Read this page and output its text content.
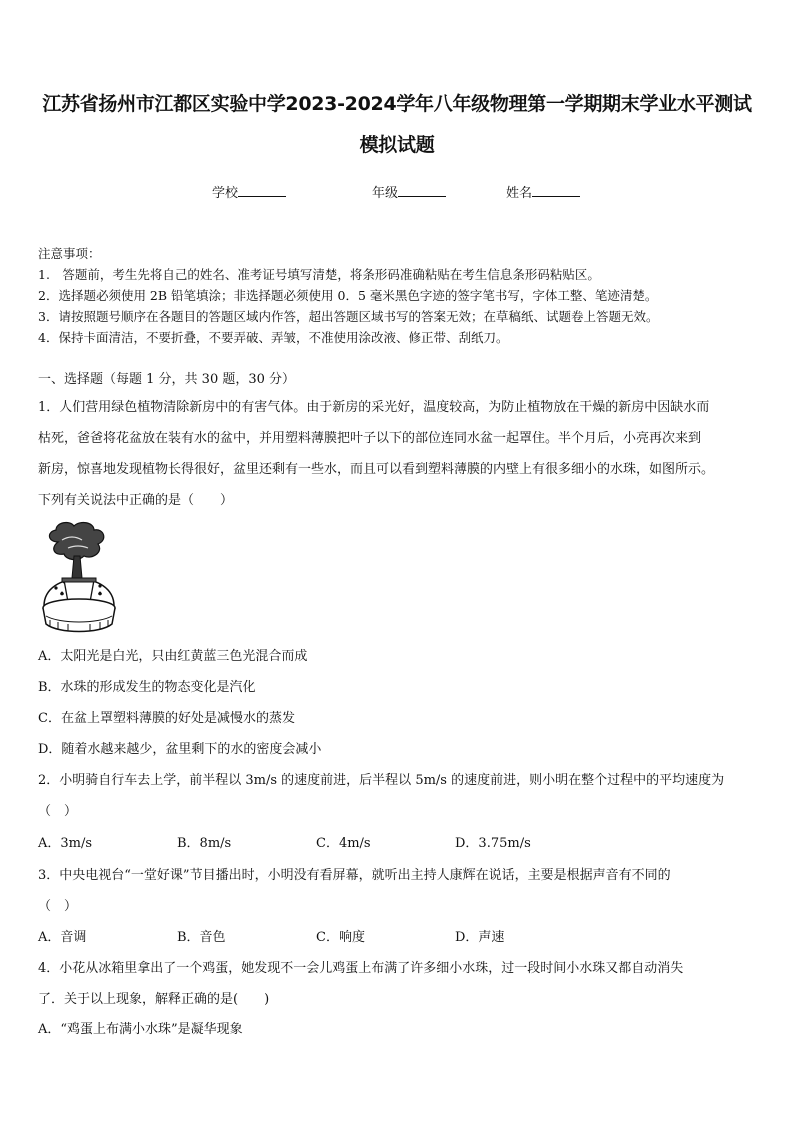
江苏省扬州市江都区实验中学2023-2024学年八年级物理第一学期期末学业水平测试
模拟试题
学校	年级	姓名
注意事项：
1.　答题前，考生先将自己的姓名、准考证号填写清楚，将条形码准确粘贴在考生信息条形码粘贴区。
2．选择题必须使用 2B 铅笔填涂；非选择题必须使用 0．5 毫米黑色字迹的签字笔书写，字体工整、笔迹清楚。
3．请按照题号顺序在各题目的答题区域内作答，超出答题区域书写的答案无效；在草稿纸、试题卷上答题无效。
4．保持卡面清洁，不要折叠，不要弄破、弄皱，不准使用涂改液、修正带、刮纸刀。
一、选择题（每题 1 分，共 30 题，30 分）
1．人们营用绿色植物清除新房中的有害气体。由于新房的采光好，温度较高，为防止植物放在干燥的新房中因缺水而
枯死，爸爸将花盆放在装有水的盆中，并用塑料薄膜把叶子以下的部位连同水盆一起罩住。半个月后，小亮再次来到
新房，惊喜地发现植物长得很好，盆里还剩有一些水，而且可以看到塑料薄膜的内壁上有很多细小的水珠，如图所示。
下列有关说法中正确的是（　　）
A．太阳光是白光，只由红黄蓝三色光混合而成
B．水珠的形成发生的物态变化是汽化
C．在盆上罩塑料薄膜的好处是减慢水的蒸发
D．随着水越来越少，盆里剩下的水的密度会减小
2．小明骑自行车去上学，前半程以 3m/s 的速度前进，后半程以 5m/s 的速度前进，则小明在整个过程中的平均速度为
（　）
A．3m/s	B．8m/s	C．4m/s	D．3.75m/s
3．中央电视台“一堂好课”节目播出时，小明没有看屏幕，就听出主持人康辉在说话，主要是根据声音有不同的
（　）
A．音调	B．音色	C．响度	D．声速
4．小花从冰箱里拿出了一个鸡蛋，她发现不一会儿鸡蛋上布满了许多细小水珠，过一段时间小水珠又都自动消失
了．关于以上现象，解释正确的是(　　)
A．“鸡蛋上布满小水珠”是凝华现象
